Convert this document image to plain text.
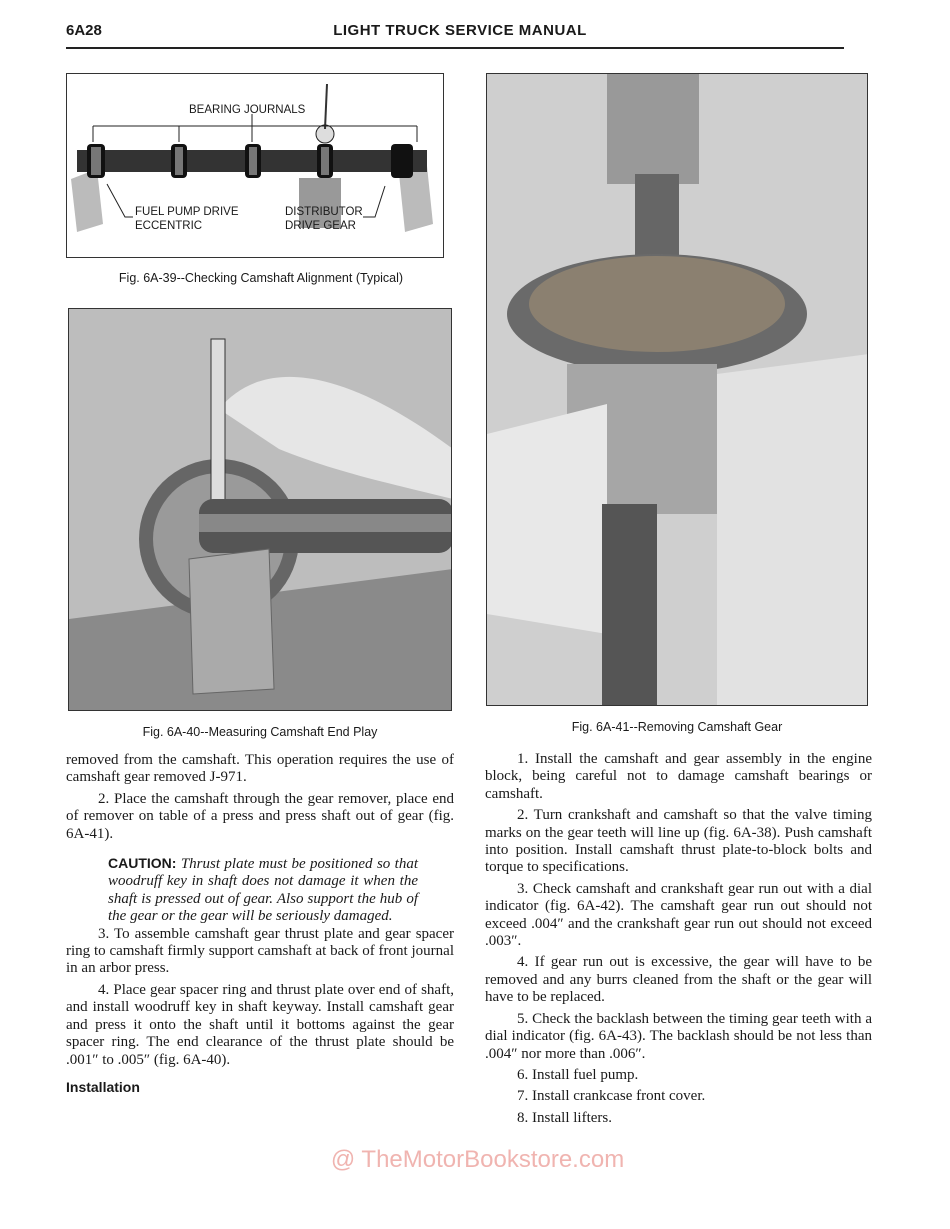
6A28	LIGHT TRUCK SERVICE MANUAL
BEARING JOURNALS
FUEL PUMP DRIVE
ECCENTRIC
DISTRIBUTOR
DRIVE GEAR
Fig. 6A-39--Checking Camshaft Alignment (Typical)
Fig. 6A-40--Measuring Camshaft End Play	Fig. 6A-41--Removing Camshaft Gear

removed from the camshaft. This operation requires the use of camshaft gear removed J-971.

2. Place the camshaft through the gear remover, place end of remover on table of a press and press shaft out of gear (fig. 6A-41).

CAUTION: Thrust plate must be positioned so that woodruff key in shaft does not damage it when the shaft is pressed out of gear. Also support the hub of the gear or the gear will be seriously damaged.

3. To assemble camshaft gear thrust plate and gear spacer ring to camshaft firmly support camshaft at back of front journal in an arbor press.

4. Place gear spacer ring and thrust plate over end of shaft, and install woodruff key in shaft keyway. Install camshaft gear and press it onto the shaft until it bottoms against the gear spacer ring. The end clearance of the thrust plate should be .001″ to .005″ (fig. 6A-40).

Installation

1. Install the camshaft and gear assembly in the engine block, being careful not to damage camshaft bearings or camshaft.

2. Turn crankshaft and camshaft so that the valve timing marks on the gear teeth will line up (fig. 6A-38). Push camshaft into position. Install camshaft thrust plate-to-block bolts and torque to specifications.

3. Check camshaft and crankshaft gear run out with a dial indicator (fig. 6A-42). The camshaft gear run out should not exceed .004″ and the crankshaft gear run out should not exceed .003″.

4. If gear run out is excessive, the gear will have to be removed and any burrs cleaned from the shaft or the gear will have to be replaced.

5. Check the backlash between the timing gear teeth with a dial indicator (fig. 6A-43). The backlash should be not less than .004″ nor more than .006″.

6. Install fuel pump.

7. Install crankcase front cover.

8. Install lifters.

@ TheMotorBookstore.com
